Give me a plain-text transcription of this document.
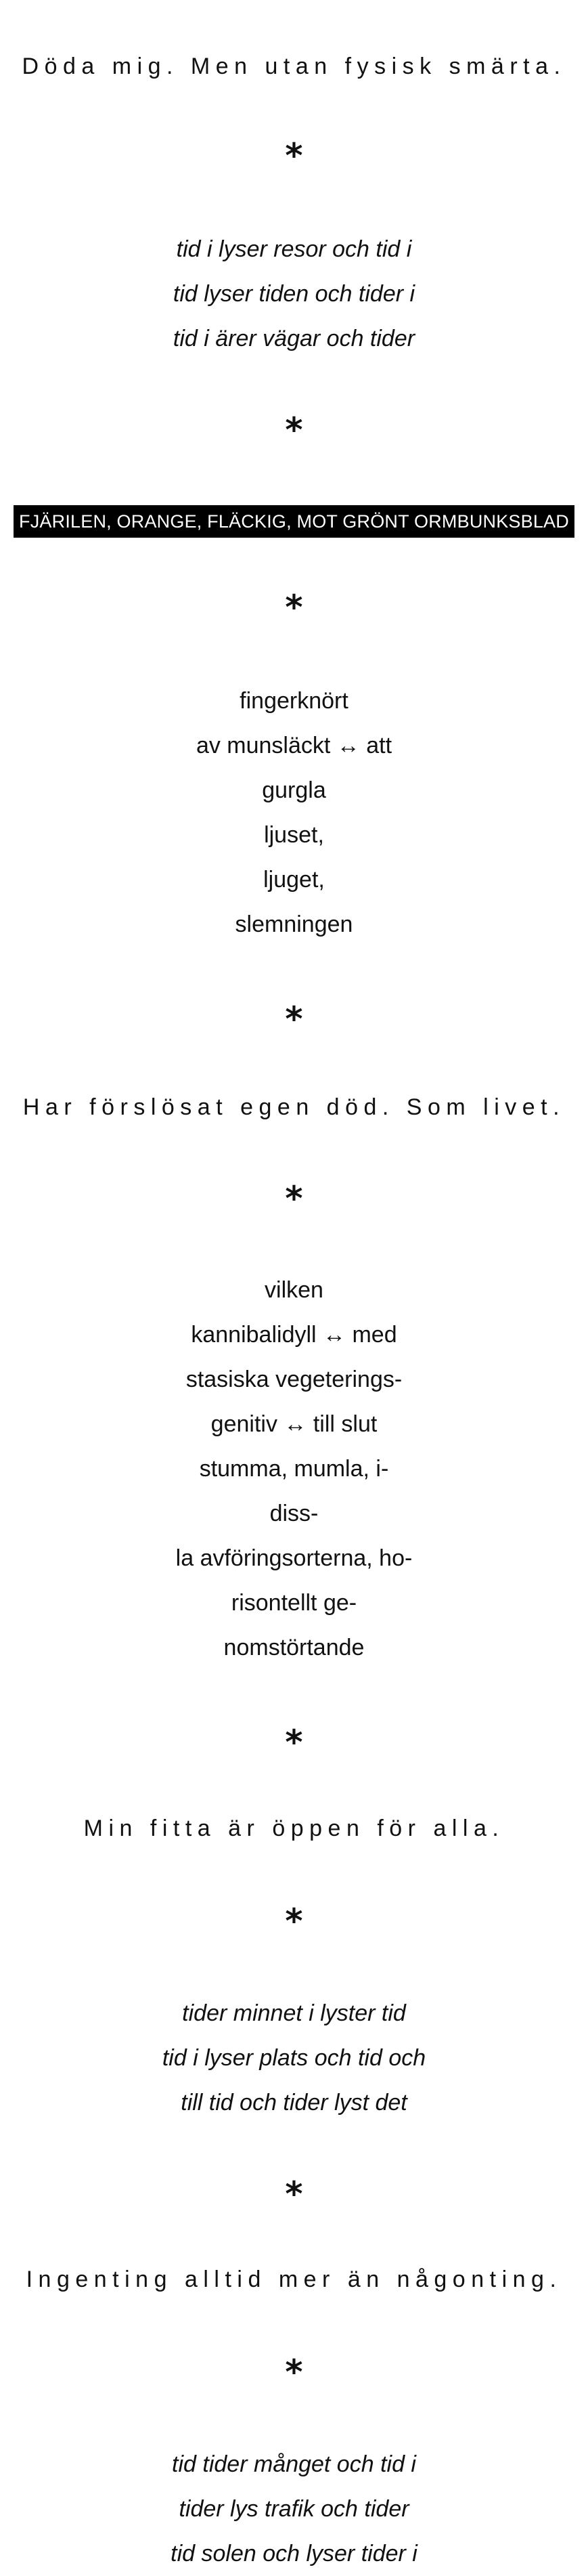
Döda mig. Men utan fysisk smärta.
*
tid i lyser resor och tid i
tid lyser tiden och tider i
tid i ärer vägar och tider
*
FJÄRILEN, ORANGE, FLÄCKIG, MOT GRÖNT ORMBUNKSBLAD
*
fingerknört
av munsläckt ↔ att
gurgla
ljuset,
ljuget,
slemningen
*
Har förslösat egen död. Som livet.
*
vilken
kannibalidyll ↔ med
stasiska vegeterings-
genitiv ↔ till slut
stumma, mumla, i-
diss-
la avföringsorterna, ho-
risontellt ge-
nomstörtande
*
Min fitta är öppen för alla.
*
tider minnet i lyster tid
tid i lyser plats och tid och
till tid och tider lyst det
*
Ingenting alltid mer än någonting.
*
tid tider månget och tid i
tider lys trafik och tider
tid solen och lyser tider i
